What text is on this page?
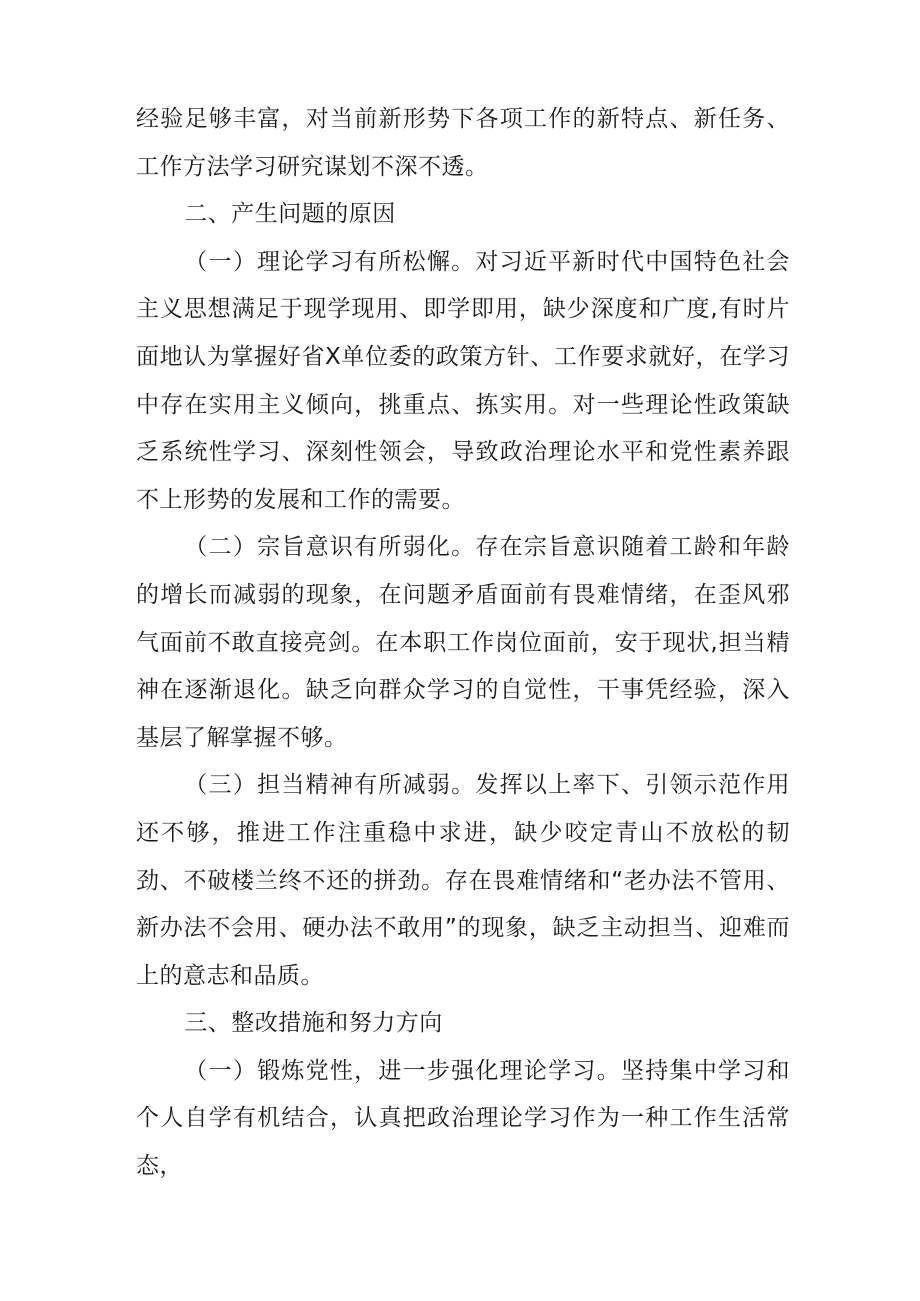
经验足够丰富，对当前新形势下各项工作的新特点、新任务、工作方法学习研究谋划不深不透。

二、产生问题的原因

（一）理论学习有所松懈。对习近平新时代中国特色社会主义思想满足于现学现用、即学即用，缺少深度和广度,有时片面地认为掌握好省X单位委的政策方针、工作要求就好，在学习中存在实用主义倾向，挑重点、拣实用。对一些理论性政策缺乏系统性学习、深刻性领会，导致政治理论水平和党性素养跟不上形势的发展和工作的需要。

（二）宗旨意识有所弱化。存在宗旨意识随着工龄和年龄的增长而减弱的现象，在问题矛盾面前有畏难情绪，在歪风邪气面前不敢直接亮剑。在本职工作岗位面前，安于现状,担当精神在逐渐退化。缺乏向群众学习的自觉性，干事凭经验，深入基层了解掌握不够。

（三）担当精神有所减弱。发挥以上率下、引领示范作用还不够，推进工作注重稳中求进，缺少咬定青山不放松的韧劲、不破楼兰终不还的拼劲。存在畏难情绪和“老办法不管用、新办法不会用、硬办法不敢用”的现象，缺乏主动担当、迎难而上的意志和品质。

三、整改措施和努力方向

（一）锻炼党性，进一步强化理论学习。坚持集中学习和个人自学有机结合，认真把政治理论学习作为一种工作生活常态，
